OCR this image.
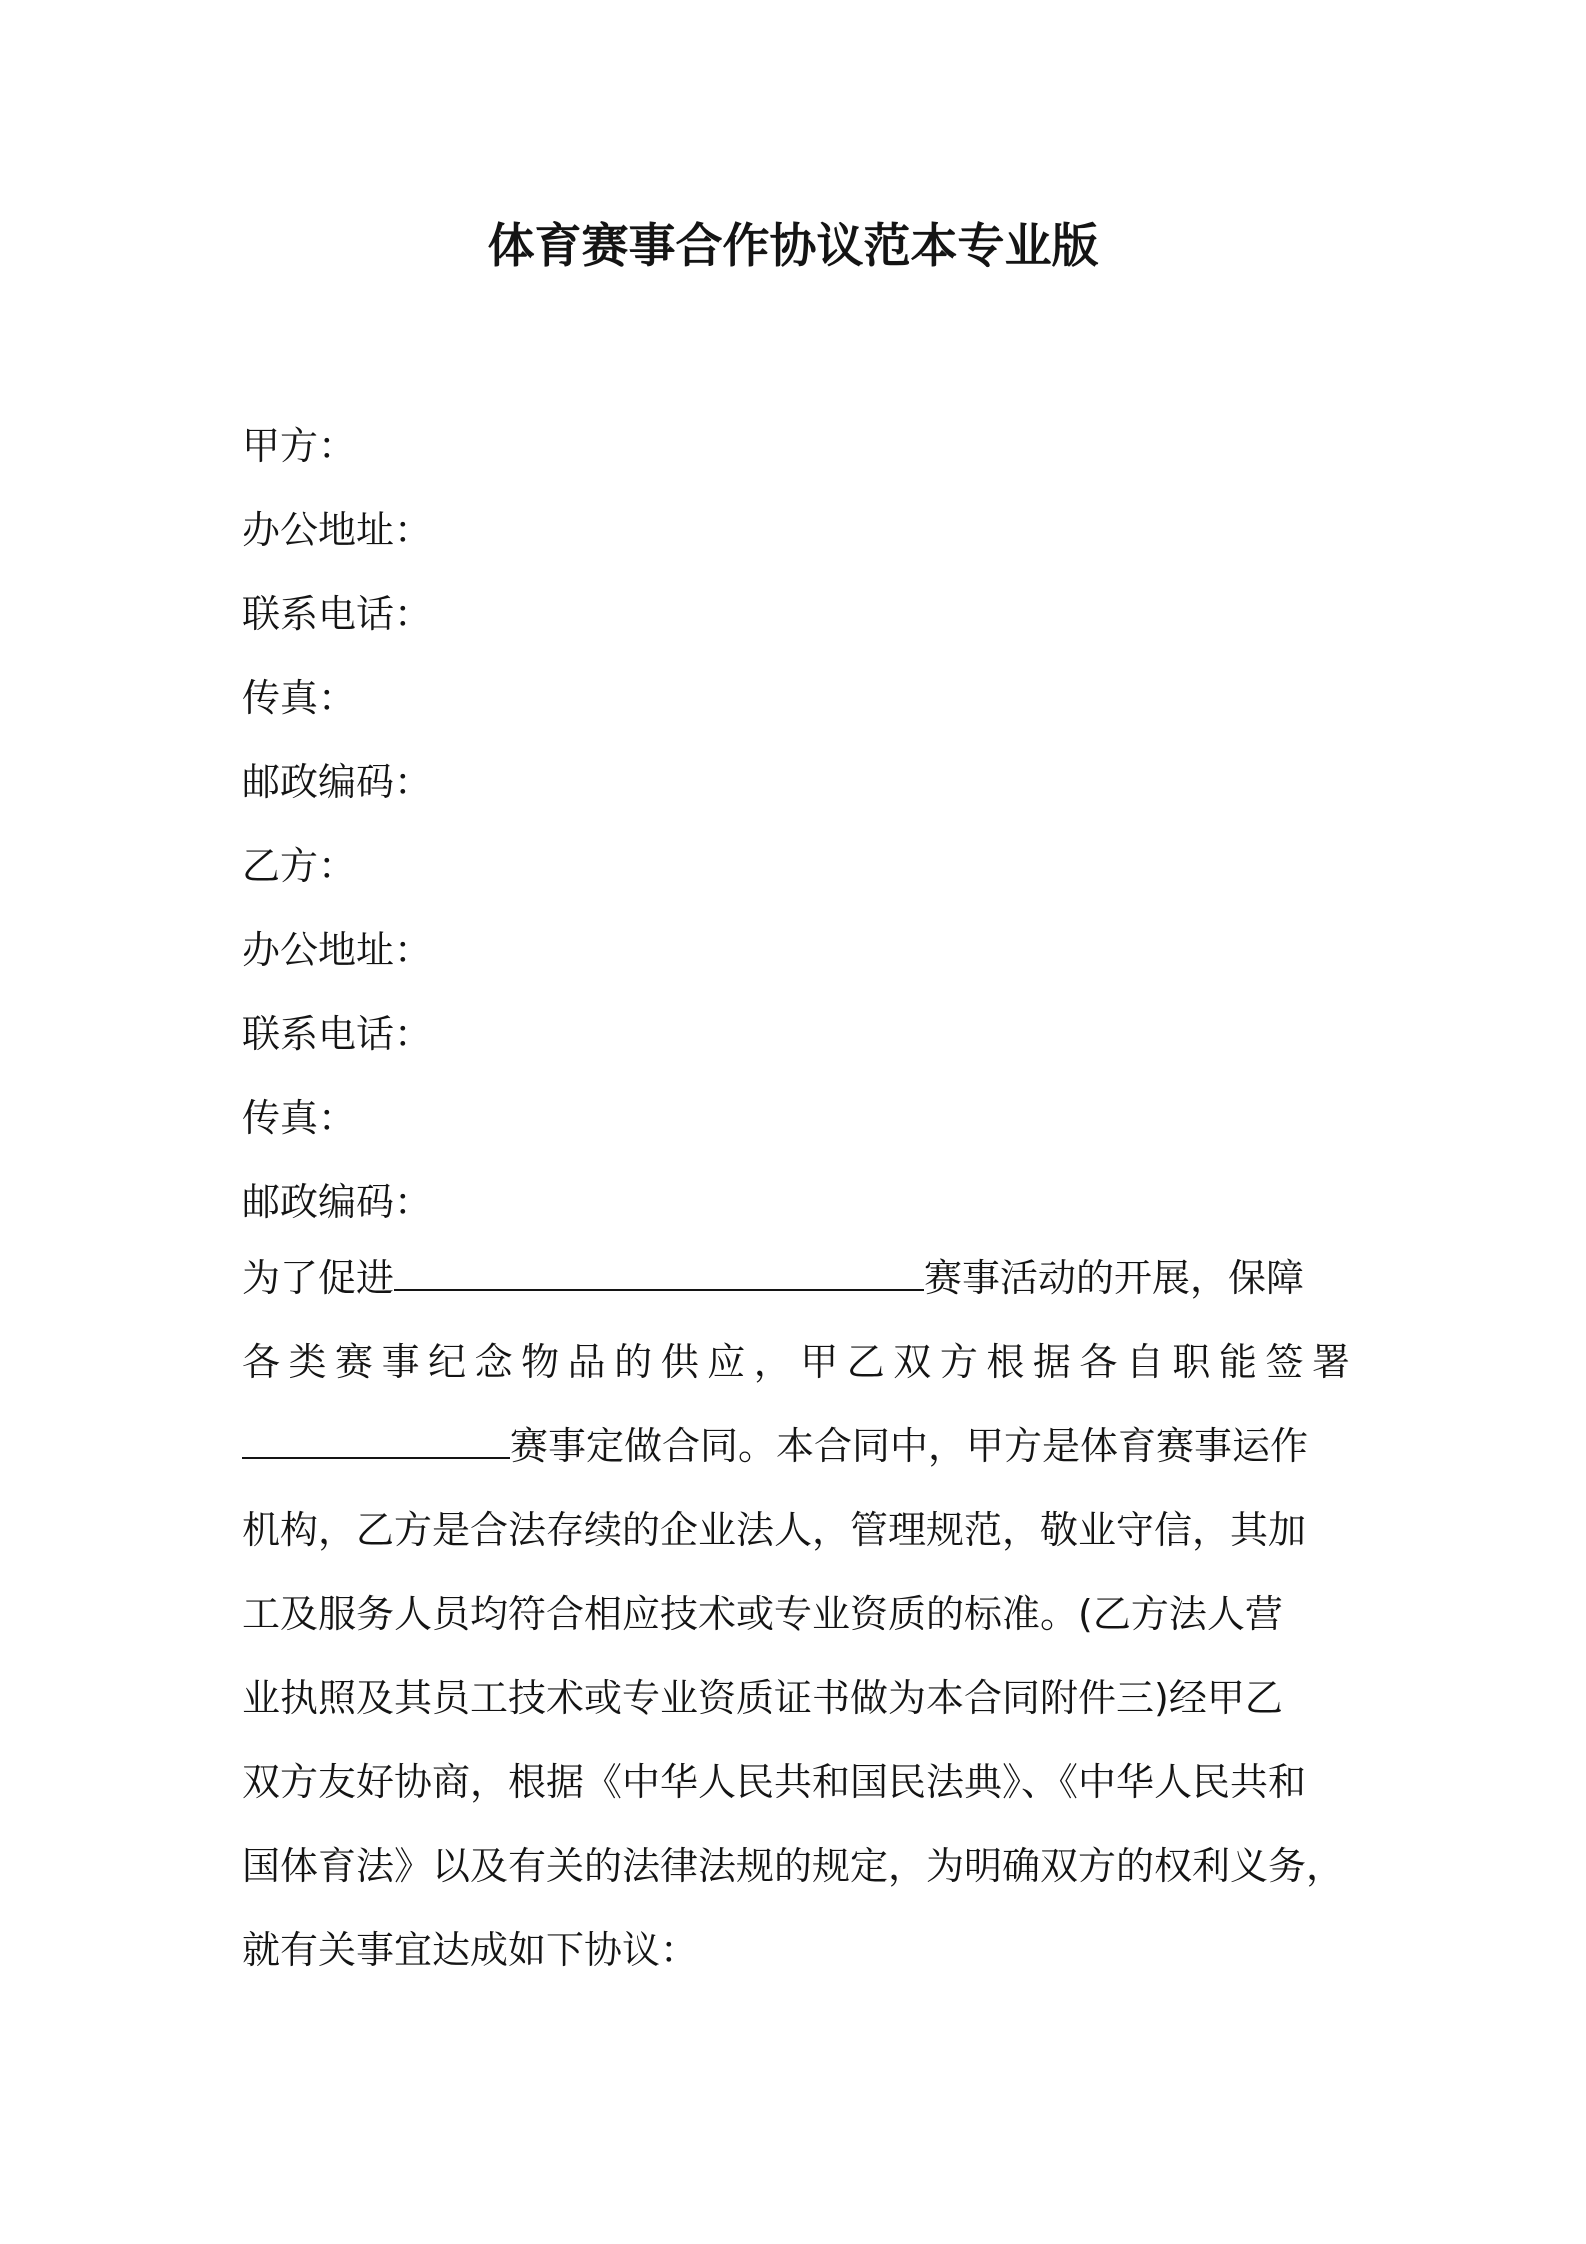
体育赛事合作协议范本专业版
甲方：
办公地址：
联系电话：
传真：
邮政编码：
乙方：
办公地址：
联系电话：
传真：
邮政编码：
为了促进	赛事活动的开展，保障
各类赛事纪念物品的供应，甲乙双方根据各自职能签署
赛事定做合同。本合同中，甲方是体育赛事运作
机构，乙方是合法存续的企业法人，管理规范，敬业守信，其加
工及服务人员均符合相应技术或专业资质的标准。(乙方法人营
业执照及其员工技术或专业资质证书做为本合同附件三)经甲乙
双方友好协商，根据《中华人民共和国民法典》、《中华人民共和
国体育法》以及有关的法律法规的规定，为明确双方的权利义务，
就有关事宜达成如下协议：
